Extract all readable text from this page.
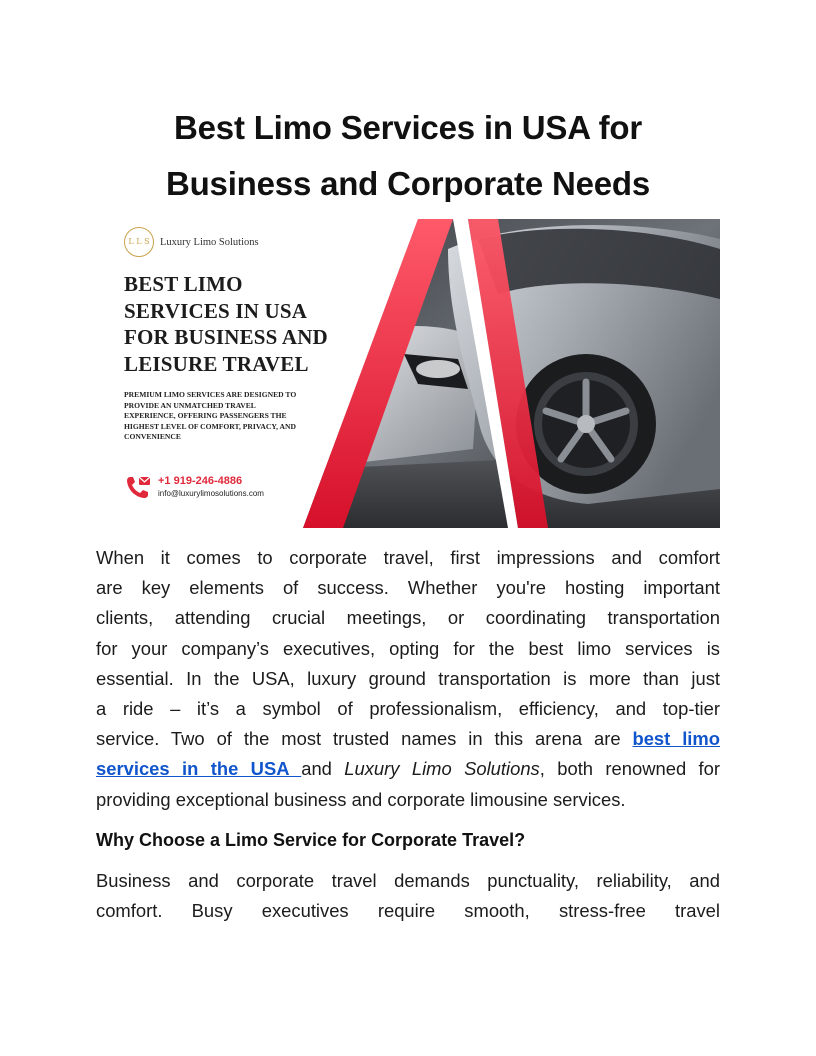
Best Limo Services in USA for
Business and Corporate Needs
L L S Luxury Limo Solutions
BEST LIMO
SERVICES IN USA
FOR BUSINESS AND
LEISURE TRAVEL
PREMIUM LIMO SERVICES ARE DESIGNED TO
PROVIDE AN UNMATCHED TRAVEL
EXPERIENCE, OFFERING PASSENGERS THE
HIGHEST LEVEL OF COMFORT, PRIVACY, AND
CONVENIENCE
+1 919-246-4886
info@luxurylimosolutions.com
When it comes to corporate travel, first impressions and comfort
are key elements of success. Whether you're hosting important
clients, attending crucial meetings, or coordinating transportation
for your company’s executives, opting for the best limo services is
essential. In the USA, luxury ground transportation is more than just
a ride – it’s a symbol of professionalism, efficiency, and top-tier
service. Two of the most trusted names in this arena are best limo
services in the USA and Luxury Limo Solutions, both renowned for
providing exceptional business and corporate limousine services.
Why Choose a Limo Service for Corporate Travel?
Business and corporate travel demands punctuality, reliability, and
comfort. Busy executives require smooth, stress-free travel
